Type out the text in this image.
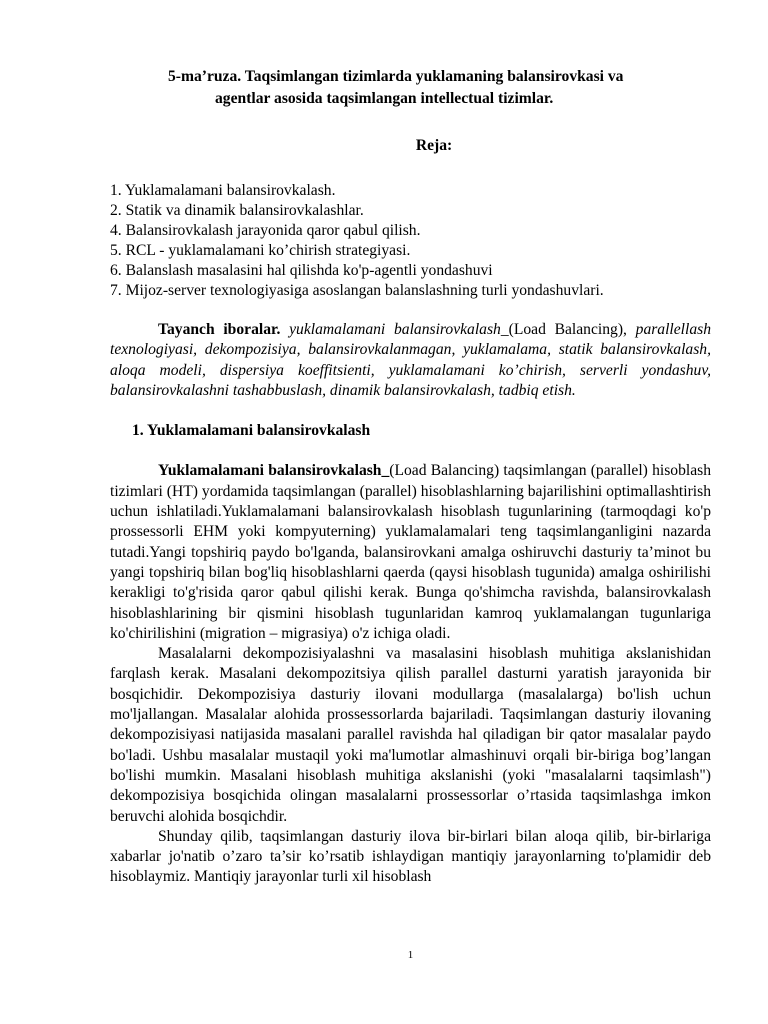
5-ma’ruza. Taqsimlangan tizimlarda yuklamaning balansirovkasi va
agentlar asosida taqsimlangan intellectual tizimlar.
Reja:
1. Yuklamalamani balansirovkalash.
2. Statik va dinamik balansirovkalashlar.
4. Balansirovkalash jarayonida qaror qabul qilish.
5. RCL - yuklamalamani ko’chirish strategiyasi.
6. Balanslash masalasini hal qilishda ko'p-agentli yondashuvi
7. Mijoz-server texnologiyasiga asoslangan balanslashning turli yondashuvlari.

Tayanch iboralar. yuklamalamani balansirovkalash_(Load Balancing), parallellash texnologiyasi, dekompozisiya, balansirovkalanmagan, yuklamalama, statik balansirovkalash, aloqa modeli, dispersiya koeffitsienti, yuklamalamani ko’chirish, serverli yondashuv, balansirovkalashni tashabbuslash, dinamik balansirovkalash, tadbiq etish.

1. Yuklamalamani balansirovkalash

Yuklamalamani balansirovkalash_(Load Balancing) taqsimlangan (parallel) hisoblash tizimlari (HT) yordamida taqsimlangan (parallel) hisoblashlarning bajarilishini optimallashtirish uchun ishlatiladi.Yuklamalamani balansirovkalash hisoblash tugunlarining (tarmoqdagi ko'p prossessorli EHM yoki kompyuterning) yuklamalamalari teng taqsimlanganligini nazarda tutadi.Yangi topshiriq paydo bo'lganda, balansirovkani amalga oshiruvchi dasturiy ta’minot bu yangi topshiriq bilan bog'liq hisoblashlarni qaerda (qaysi hisoblash tugunida) amalga oshirilishi kerakligi to'g'risida qaror qabul qilishi kerak. Bunga qo'shimcha ravishda, balansirovkalash hisoblashlarining bir qismini hisoblash tugunlaridan kamroq yuklamalangan tugunlariga ko'chirilishini (migration – migrasiya) o'z ichiga oladi.

Masalalarni dekompozisiyalashni va masalasini hisoblash muhitiga akslanishidan farqlash kerak. Masalani dekompozitsiya qilish parallel dasturni yaratish jarayonida bir bosqichidir. Dekompozisiya dasturiy ilovani modullarga (masalalarga) bo'lish uchun mo'ljallangan. Masalalar alohida prossessorlarda bajariladi. Taqsimlangan dasturiy ilovaning dekompozisiyasi natijasida masalani parallel ravishda hal qiladigan bir qator masalalar paydo bo'ladi. Ushbu masalalar mustaqil yoki ma'lumotlar almashinuvi orqali bir-biriga bog’langan bo'lishi mumkin. Masalani hisoblash muhitiga akslanishi (yoki "masalalarni taqsimlash") dekompozisiya bosqichida olingan masalalarni prossessorlar o’rtasida taqsimlashga imkon beruvchi alohida bosqichdir.

Shunday qilib, taqsimlangan dasturiy ilova bir-birlari bilan aloqa qilib, bir-birlariga xabarlar jo'natib o’zaro ta’sir ko’rsatib ishlaydigan mantiqiy jarayonlarning to'plamidir deb hisoblaymiz. Mantiqiy jarayonlar turli xil hisoblash

1
